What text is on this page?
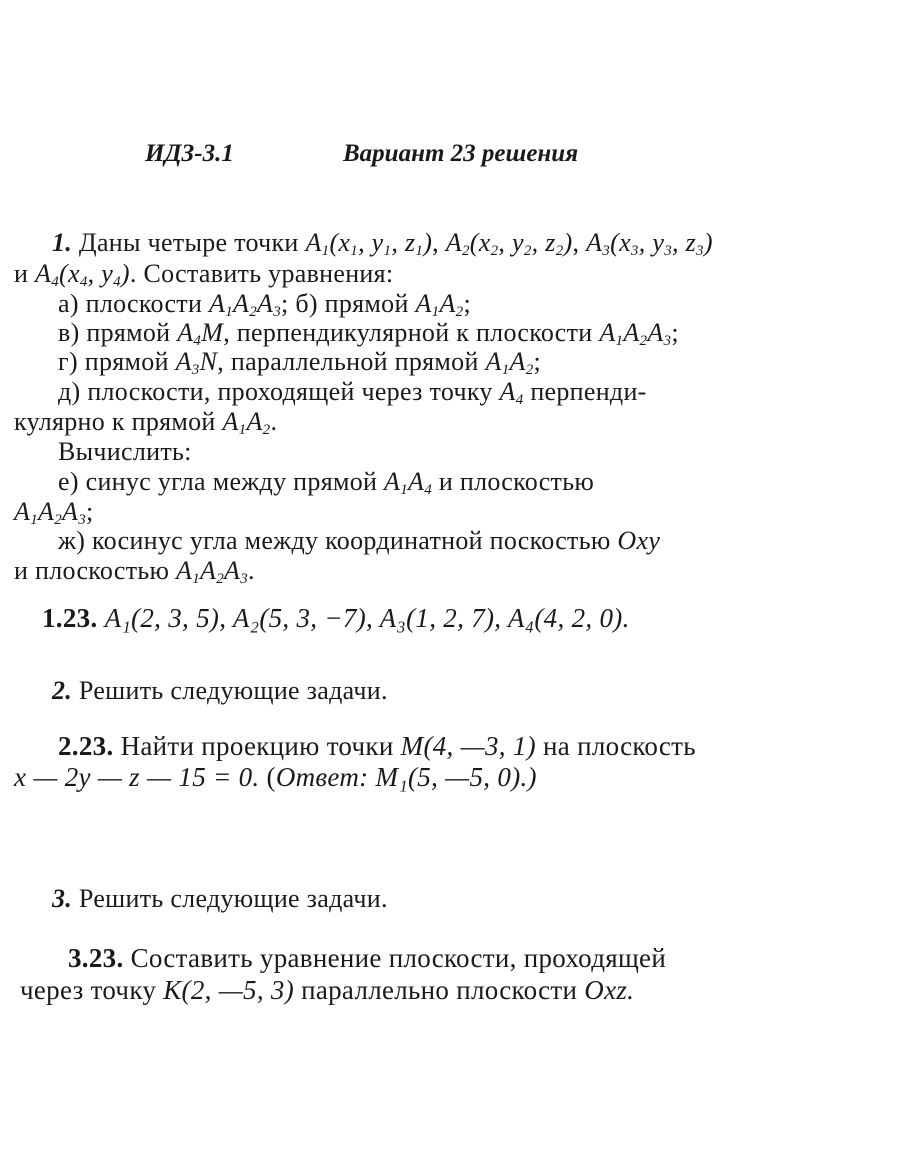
ИДЗ-3.1	Вариант 23 решения
1. Даны четыре точки $A_1(x_1$, $y_1$, $z_1$), $A_2(x_2$, $y_2$, $z_2$), $A_3(x_3$, $y_3$, $z_3$)
и $A_4(x_4$, $y_4$). Составить уравнения:
а) плоскости $A_1A_2A_3$; б) прямой $A_1A_2$;
в) прямой $A_4M$, перпендикулярной к плоскости $A_1A_2A_3$;
г) прямой $A_3N$, параллельной прямой $A_1A_2$;
д) плоскости, проходящей через точку $A_4$ перпенди-
кулярно к прямой $A_1A_2$.
Вычислить:
е) синус угла между прямой $A_1A_4$ и плоскостью
$A_1A_2A_3$;
ж) косинус угла между координатной поскостью Oxy
и плоскостью $A_1A_2A_3$.
1.23. A₁(2, 3, 5), A₂(5, 3, −7), A₃(1, 2, 7), A₄(4, 2, 0).
2. Решить следующие задачи.
2.23. Найти проекцию точки M(4, —3, 1) на плоскость
x — 2y — z — 15 = 0. (Ответ: M₁(5, —5, 0).)
3. Решить следующие задачи.
3.23. Составить уравнение плоскости, проходящей
через точку K(2, —5, 3) параллельно плоскости Oxz.
